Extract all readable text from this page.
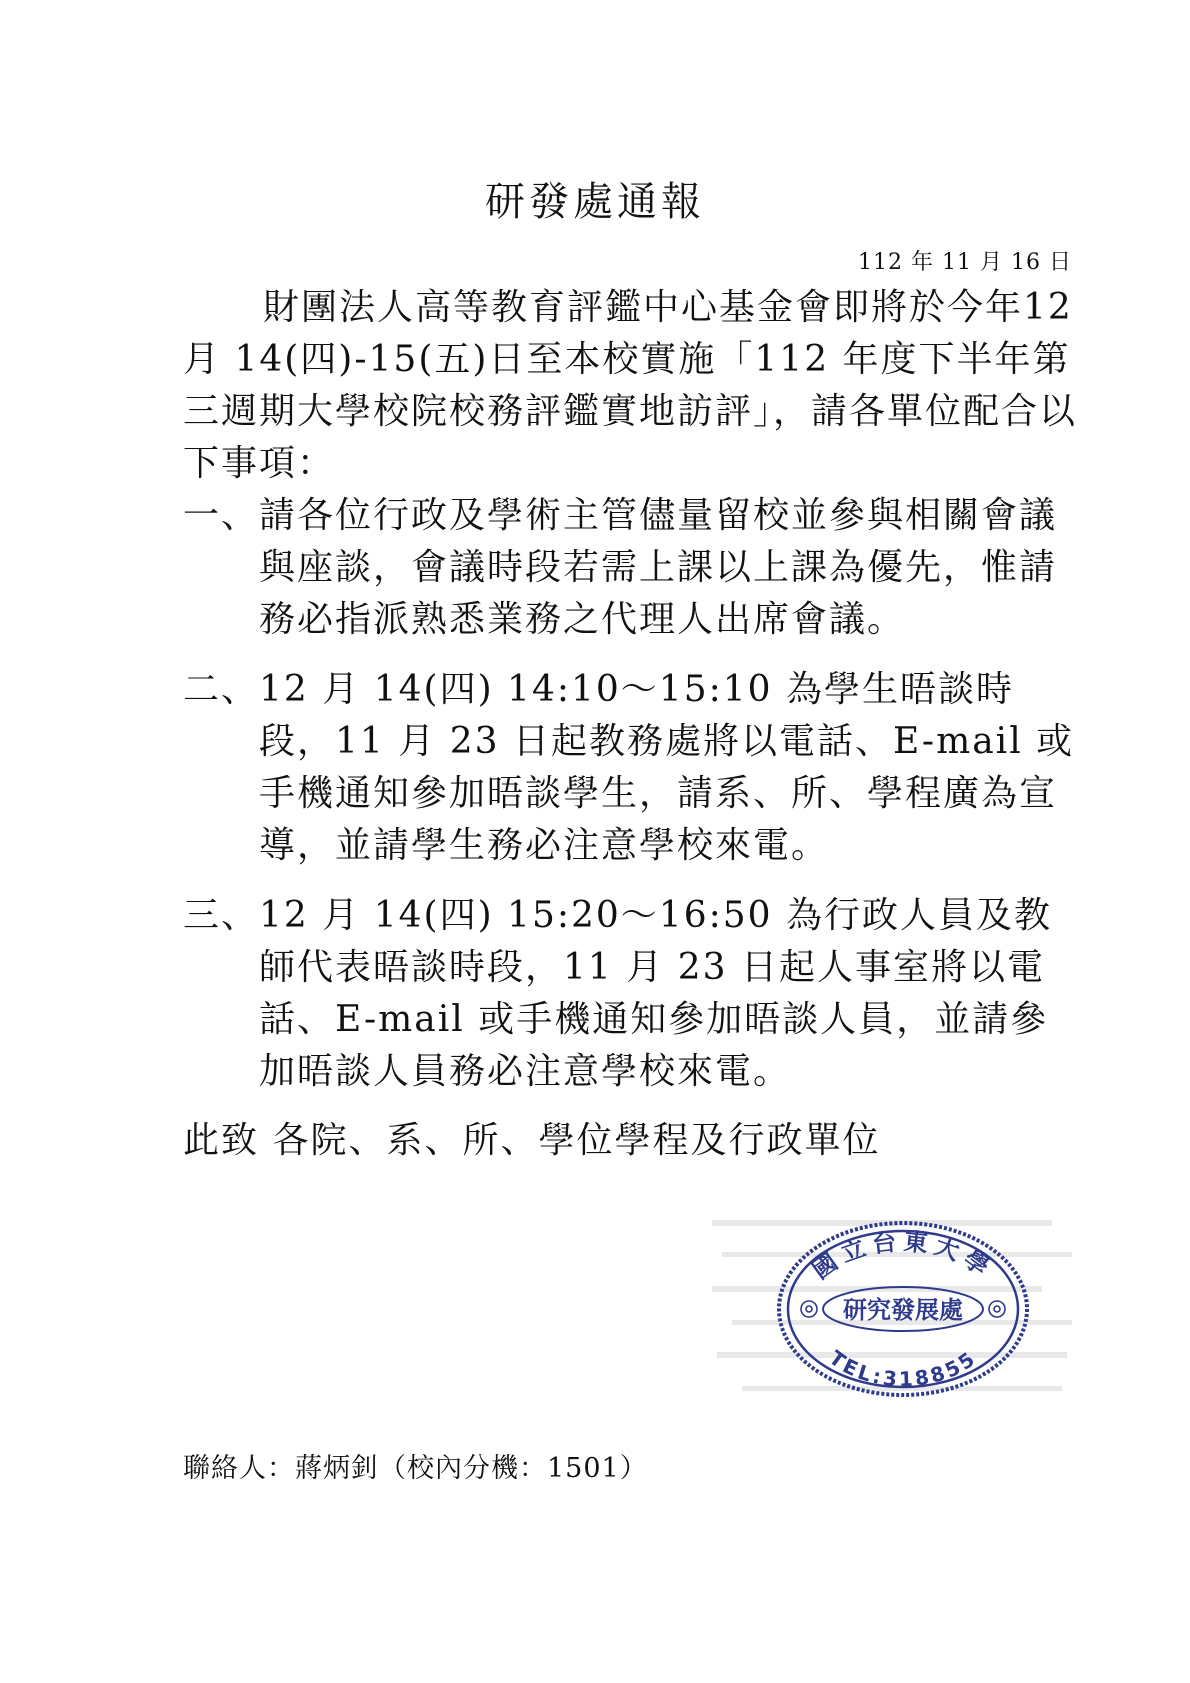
研發處通報
112 年 11 月 16 日
財團法人高等教育評鑑中心基金會即將於今年12 月 14(四)-15(五)日至本校實施「112 年度下半年第三週期大學校院校務評鑑實地訪評」，請各單位配合以下事項：
一、 請各位行政及學術主管儘量留校並參與相關會議與座談，會議時段若需上課以上課為優先，惟請務必指派熟悉業務之代理人出席會議。
二、 12 月 14(四) 14:10～15:10 為學生晤談時段，11 月 23 日起教務處將以電話、E-mail 或手機通知參加晤談學生，請系、所、學程廣為宣導，並請學生務必注意學校來電。
三、 12 月 14(四) 15:20～16:50 為行政人員及教師代表晤談時段，11 月 23 日起人事室將以電話、E-mail 或手機通知參加晤談人員，並請參加晤談人員務必注意學校來電。
此致 各院、系、所、學位學程及行政單位
國立台東大學
研究發展處
TEL:318855
聯絡人：蔣炳釗（校內分機：1501）
